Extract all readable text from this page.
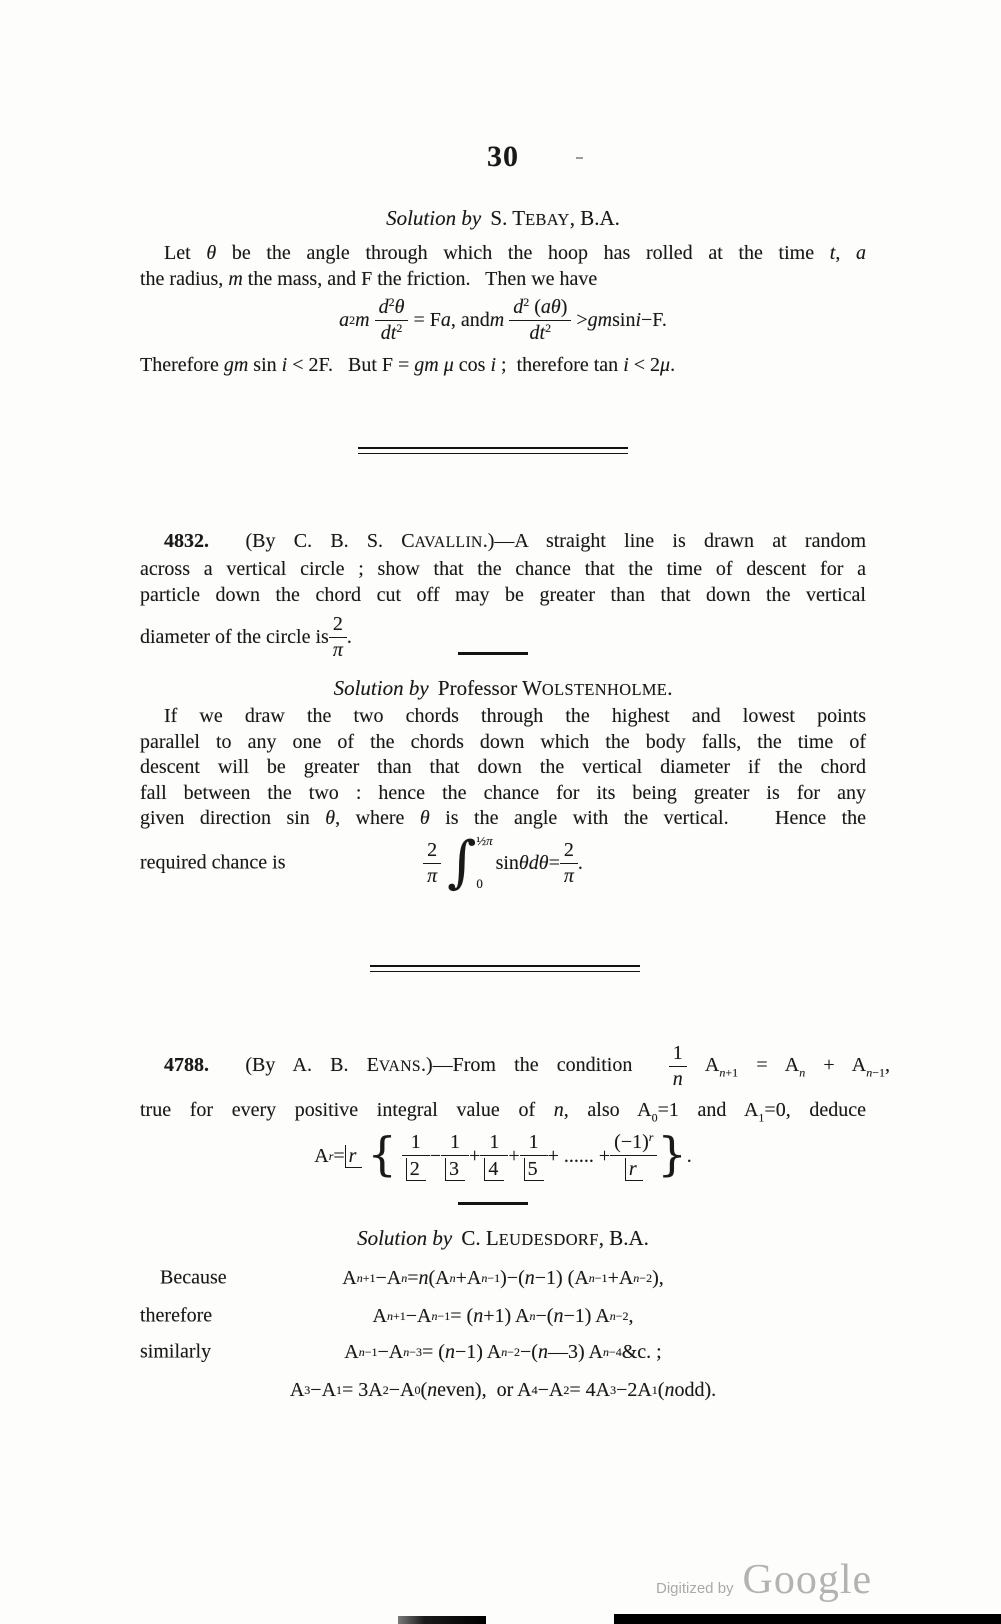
30
Solution by S. TEBAY, B.A.
Let θ be the angle through which the hoop has rolled at the time t, a
the radius, m the mass, and F the friction.   Then we have
a 2 m
$\frac{d^2\theta}{dt^2} = F$ a , and m
$\frac{d^2 (a\theta)}{dt^2}$ > gm sin i −F.
Therefore gm sin i < 2F.   But F = gm μ cos i ;  therefore tan i < 2μ.
4832.  (By C. B. S. CAVALLIN.)—A straight line is drawn at random
across a vertical circle ; show that the chance that the time of descent for a
particle down the chord cut off may be greater than that down the vertical
diameter of the circle is $\frac{2}{\pi}$ .
Solution by Professor WOLSTENHOLME.
If we draw the two chords through the highest and lowest points
parallel to any one of the chords down which the body falls, the time of
descent will be greater than that down the vertical diameter if the chord
fall between the two : hence the chance for its being greater is for any
given direction sin θ, where θ is the angle with the vertical.   Hence the
required chance is	$\frac{2}{\pi}$ ∫ ½π
0
sin θ $d\theta = \frac{2}{\pi}$ .
4788.  (By A. B. EVANS.)—From the condition $\frac{1}{n} A_{n+1} = A_n + A_{n-1}$,
true for every positive integral value of n, also $A_0=1$ and $A_1=0$, deduce
A r = r
{
$\frac{1}{2} - \frac{1}{3} + \frac{1}{4} + \frac{1}{5}$ + ...... + $\frac{(-1)^r}{r}$ } .
Solution by C. LEUDESDORF, B.A.
Because	A n+1 −A n = n (A n +A n−1 )−( n −1) (A n−1 +A n−2 ),
therefore	A n+1 −A n−1 = ( n +1) A n −( n −1) A n−2 ,
similarly	A n−1 −A n−3 = ( n −1) A n−2 −( n —3) A n−4 &c. ;
A 3 −A 1 = 3A 2 −A 0 ( n even),  or A 4 −A 2 = 4A 3 −2A 1 ( n odd).
Digitized by Google
